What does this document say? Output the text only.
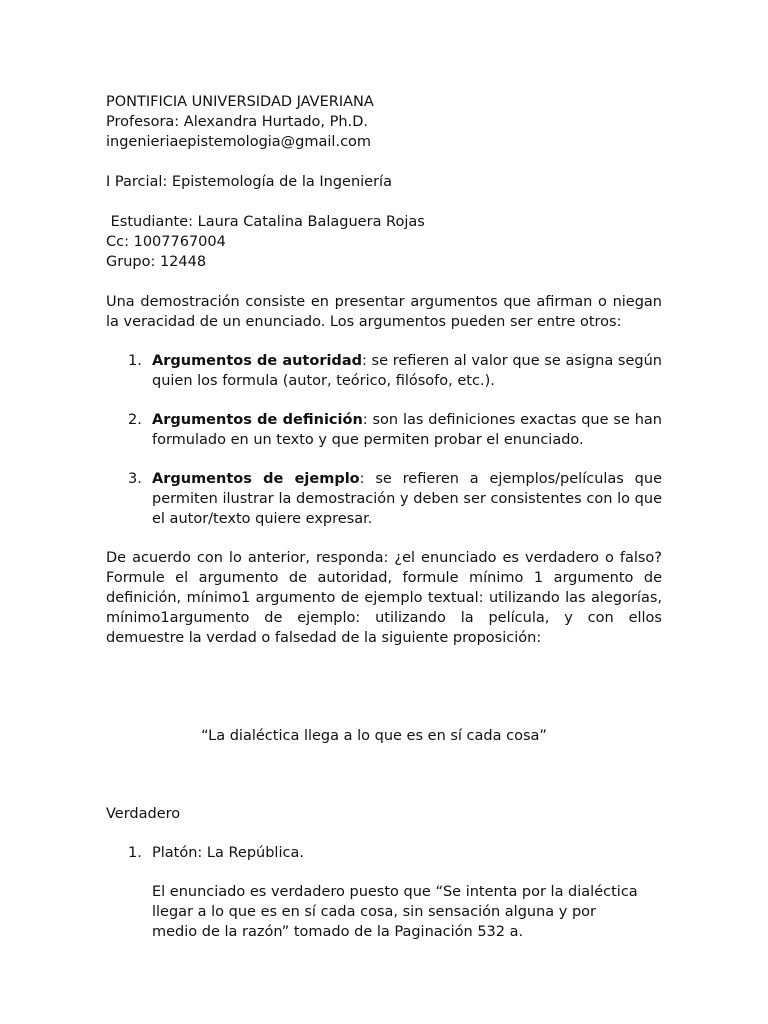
PONTIFICIA UNIVERSIDAD JAVERIANA
Profesora: Alexandra Hurtado, Ph.D.
ingenieriaepistemologia@gmail.com
I Parcial: Epistemología de la Ingeniería
Estudiante: Laura Catalina Balaguera Rojas
Cc: 1007767004
Grupo: 12448

Una demostración consiste en presentar argumentos que afirman o niegan la veracidad de un enunciado. Los argumentos pueden ser entre otros:

1. Argumentos de autoridad: se refieren al valor que se asigna según quien los formula (autor, teórico, filósofo, etc.).
2. Argumentos de definición: son las definiciones exactas que se han formulado en un texto y que permiten probar el enunciado.
3. Argumentos de ejemplo: se refieren a ejemplos/películas que permiten ilustrar la demostración y deben ser consistentes con lo que el autor/texto quiere expresar.

De acuerdo con lo anterior, responda: ¿el enunciado es verdadero o falso? Formule el argumento de autoridad, formule mínimo 1 argumento de definición, mínimo1 argumento de ejemplo textual: utilizando las alegorías, mínimo1argumento de ejemplo: utilizando la película, y con ellos demuestre la verdad o falsedad de la siguiente proposición:

“La dialéctica llega a lo que es en sí cada cosa”

Verdadero
1. Platón: La República.

El enunciado es verdadero puesto que “Se intenta por la dialéctica llegar a lo que es en sí cada cosa, sin sensación alguna y por medio de la razón” tomado de la Paginación 532 a.
